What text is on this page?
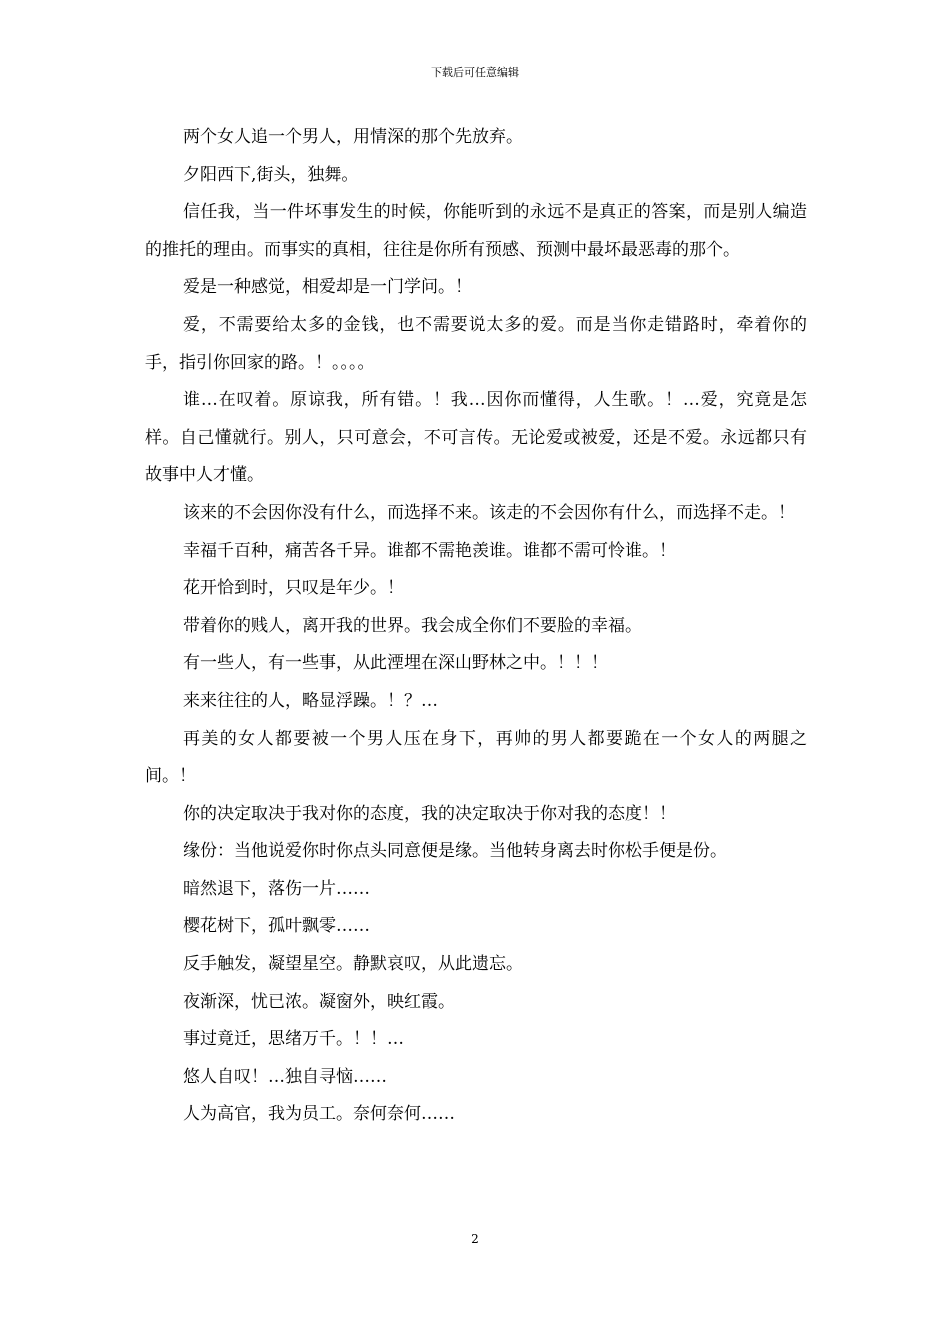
下载后可任意编辑

两个女人追一个男人，用情深的那个先放弃。

夕阳西下,街头，独舞。

信任我，当一件坏事发生的时候，你能听到的永远不是真正的答案，而是别人编造的推托的理由。而事实的真相，往往是你所有预感、预测中最坏最恶毒的那个。

爱是一种感觉，相爱却是一门学问。！

爱，不需要给太多的金钱，也不需要说太多的爱。而是当你走错路时，牵着你的手，指引你回家的路。！。。。。

谁…在叹着。原谅我，所有错。！我…因你而懂得，人生歌。！…爱，究竟是怎样。自己懂就行。别人，只可意会，不可言传。无论爱或被爱，还是不爱。永远都只有故事中人才懂。

该来的不会因你没有什么，而选择不来。该走的不会因你有什么，而选择不走。！

幸福千百种，痛苦各千异。谁都不需艳羡谁。谁都不需可怜谁。！

花开恰到时，只叹是年少。！

带着你的贱人，离开我的世界。我会成全你们不要脸的幸福。

有一些人，有一些事，从此湮埋在深山野林之中。！！！

来来往往的人，略显浮躁。！？…

再美的女人都要被一个男人压在身下，再帅的男人都要跪在一个女人的两腿之间。！

你的决定取决于我对你的态度，我的决定取决于你对我的态度！！

缘份：当他说爱你时你点头同意便是缘。当他转身离去时你松手便是份。

暗然退下，落伤一片……

樱花树下，孤叶飘零……

反手触发，凝望星空。静默哀叹，从此遗忘。

夜渐深，忧已浓。凝窗外，映红霞。

事过竟迁，思绪万千。！！…

悠人自叹！…独自寻恼……

人为高官，我为员工。奈何奈何……

2
